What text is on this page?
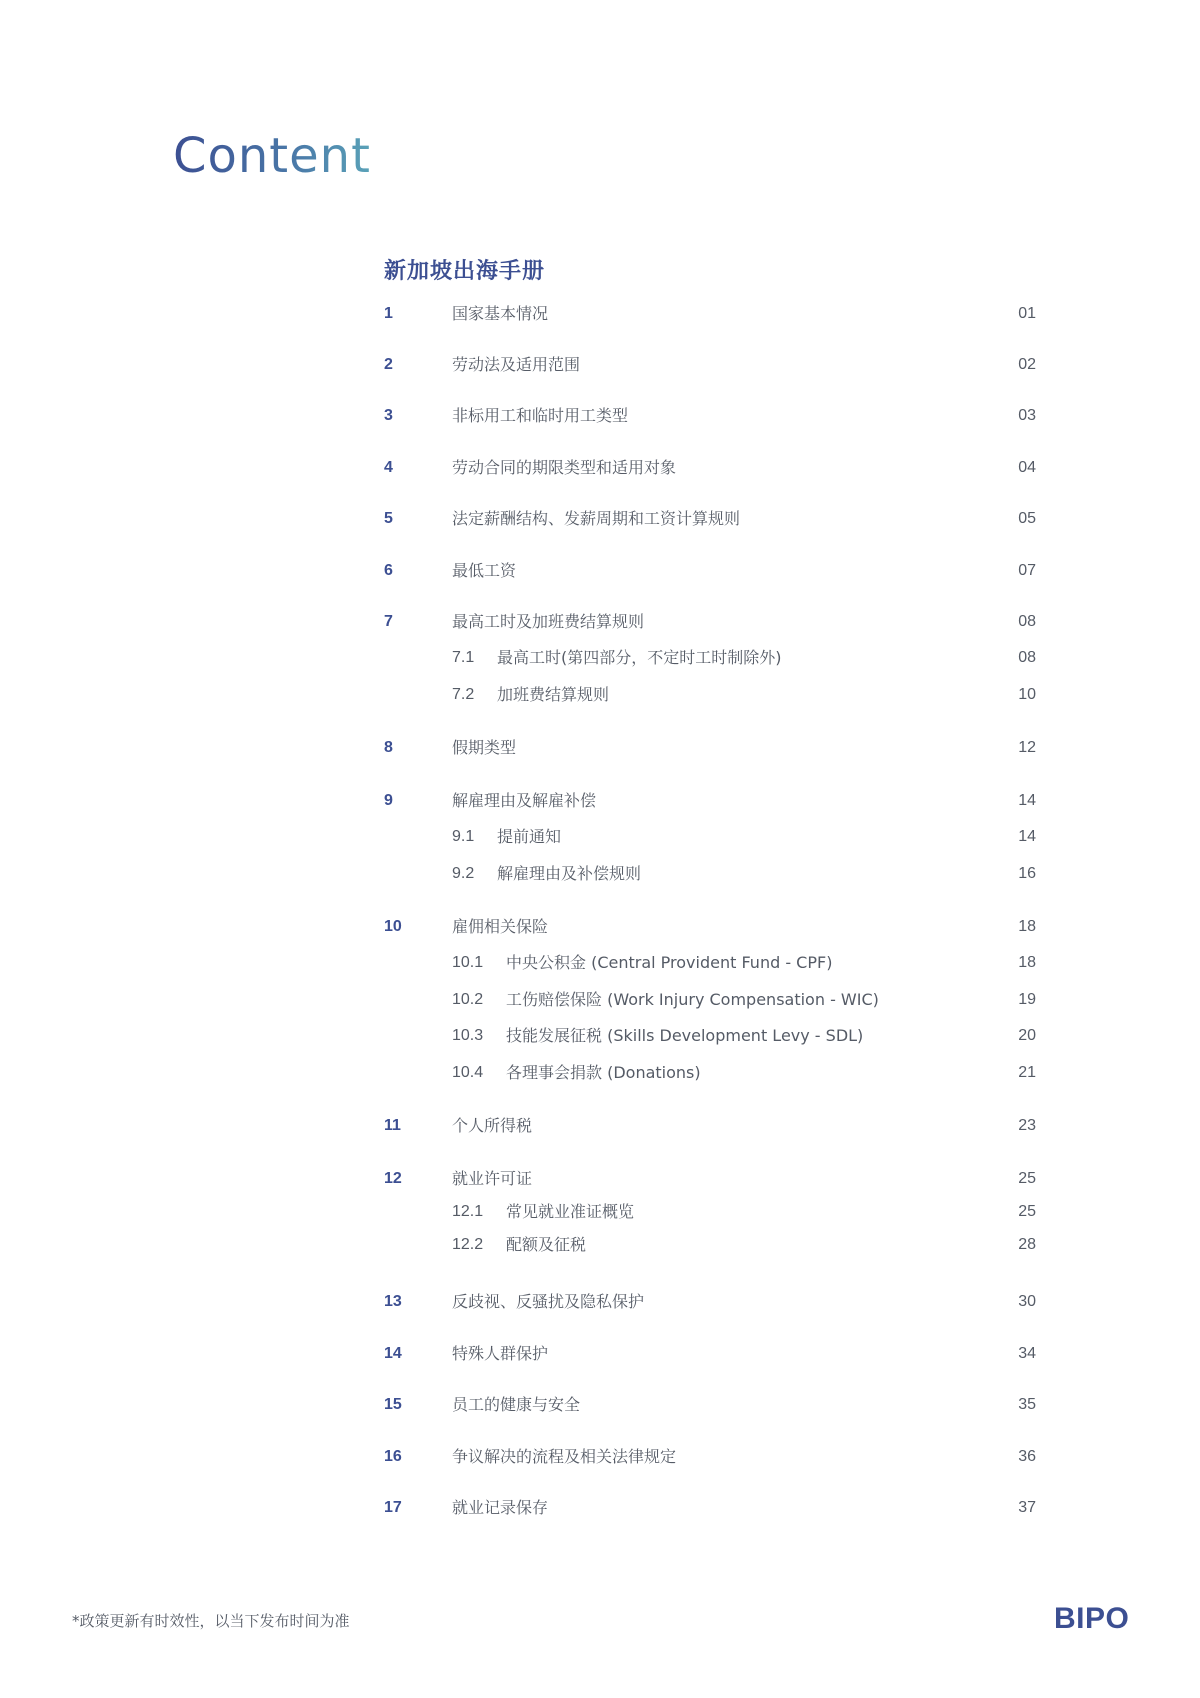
Content
新加坡出海手册
1	国家基本情况	01
2	劳动法及适用范围	02
3	非标用工和临时用工类型	03
4	劳动合同的期限类型和适用对象	04
5	法定薪酬结构、发薪周期和工资计算规则	05
6	最低工资	07
7	最高工时及加班费结算规则	08
7.1 最高工时(第四部分，不定时工时制除外)	08
7.2 加班费结算规则	10
8	假期类型	12
9	解雇理由及解雇补偿	14
9.1 提前通知	14
9.2 解雇理由及补偿规则	16
10	雇佣相关保险	18
10.1 中央公积金 (Central Provident Fund - CPF)	18
10.2 工伤赔偿保险 (Work Injury Compensation - WIC)	19
10.3 技能发展征税 (Skills Development Levy - SDL)	20
10.4 各理事会捐款 (Donations)	21
11	个人所得税	23
12	就业许可证	25
12.1 常见就业准证概览	25
12.2 配额及征税	28
13	反歧视、反骚扰及隐私保护	30
14	特殊人群保护	34
15	员工的健康与安全	35
16	争议解决的流程及相关法律规定	36
17	就业记录保存	37
*政策更新有时效性，以当下发布时间为准	BIPO
